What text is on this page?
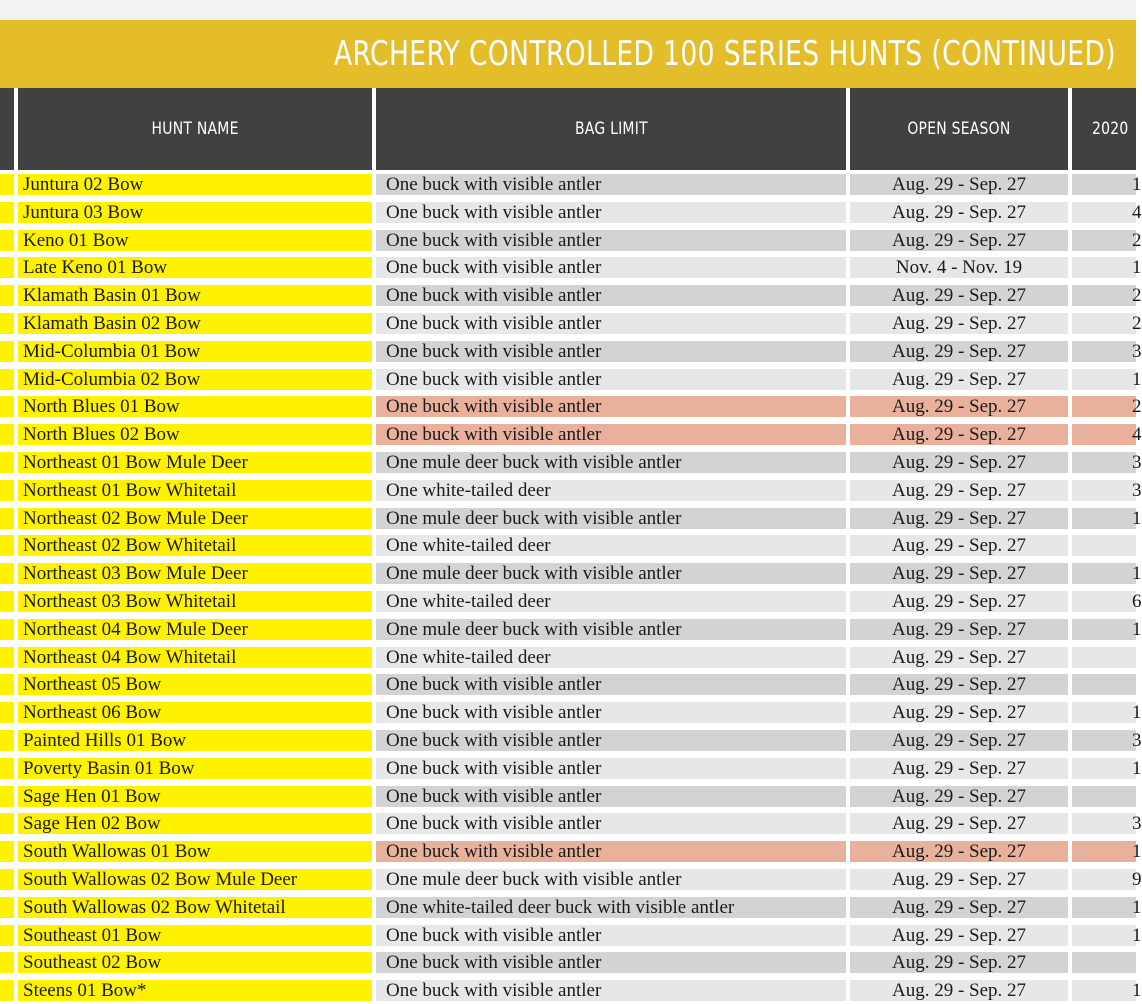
ARCHERY CONTROLLED 100 SERIES HUNTS (CONTINUED)
HUNT NAME	BAG LIMIT	OPEN SEASON	2020
Juntura 02 Bow	One buck with visible antler	Aug. 29 - Sep. 27	1
Juntura 03 Bow	One buck with visible antler	Aug. 29 - Sep. 27	4
Keno 01 Bow	One buck with visible antler	Aug. 29 - Sep. 27	2
Late Keno 01 Bow	One buck with visible antler	Nov. 4 - Nov. 19	1
Klamath Basin 01 Bow	One buck with visible antler	Aug. 29 - Sep. 27	2
Klamath Basin 02 Bow	One buck with visible antler	Aug. 29 - Sep. 27	2
Mid-Columbia 01 Bow	One buck with visible antler	Aug. 29 - Sep. 27	3
Mid-Columbia 02 Bow	One buck with visible antler	Aug. 29 - Sep. 27	1
North Blues 01 Bow	One buck with visible antler	Aug. 29 - Sep. 27	2
North Blues 02 Bow	One buck with visible antler	Aug. 29 - Sep. 27	4
Northeast 01 Bow Mule Deer	One mule deer buck with visible antler	Aug. 29 - Sep. 27	3
Northeast 01 Bow Whitetail	One white-tailed deer	Aug. 29 - Sep. 27	3
Northeast 02 Bow Mule Deer	One mule deer buck with visible antler	Aug. 29 - Sep. 27	1
Northeast 02 Bow Whitetail	One white-tailed deer	Aug. 29 - Sep. 27
Northeast 03 Bow Mule Deer	One mule deer buck with visible antler	Aug. 29 - Sep. 27	1
Northeast 03 Bow Whitetail	One white-tailed deer	Aug. 29 - Sep. 27	6
Northeast 04 Bow Mule Deer	One mule deer buck with visible antler	Aug. 29 - Sep. 27	1
Northeast 04 Bow Whitetail	One white-tailed deer	Aug. 29 - Sep. 27
Northeast 05 Bow	One buck with visible antler	Aug. 29 - Sep. 27
Northeast 06 Bow	One buck with visible antler	Aug. 29 - Sep. 27	1
Painted Hills 01 Bow	One buck with visible antler	Aug. 29 - Sep. 27	3
Poverty Basin 01 Bow	One buck with visible antler	Aug. 29 - Sep. 27	1
Sage Hen 01 Bow	One buck with visible antler	Aug. 29 - Sep. 27
Sage Hen 02 Bow	One buck with visible antler	Aug. 29 - Sep. 27	3
South Wallowas 01 Bow	One buck with visible antler	Aug. 29 - Sep. 27	1
South Wallowas 02 Bow Mule Deer	One mule deer buck with visible antler	Aug. 29 - Sep. 27	9
South Wallowas 02 Bow Whitetail	One white-tailed deer buck with visible antler	Aug. 29 - Sep. 27	1
Southeast 01 Bow	One buck with visible antler	Aug. 29 - Sep. 27	1
Southeast 02 Bow	One buck with visible antler	Aug. 29 - Sep. 27
Steens 01 Bow*	One buck with visible antler	Aug. 29 - Sep. 27	1
